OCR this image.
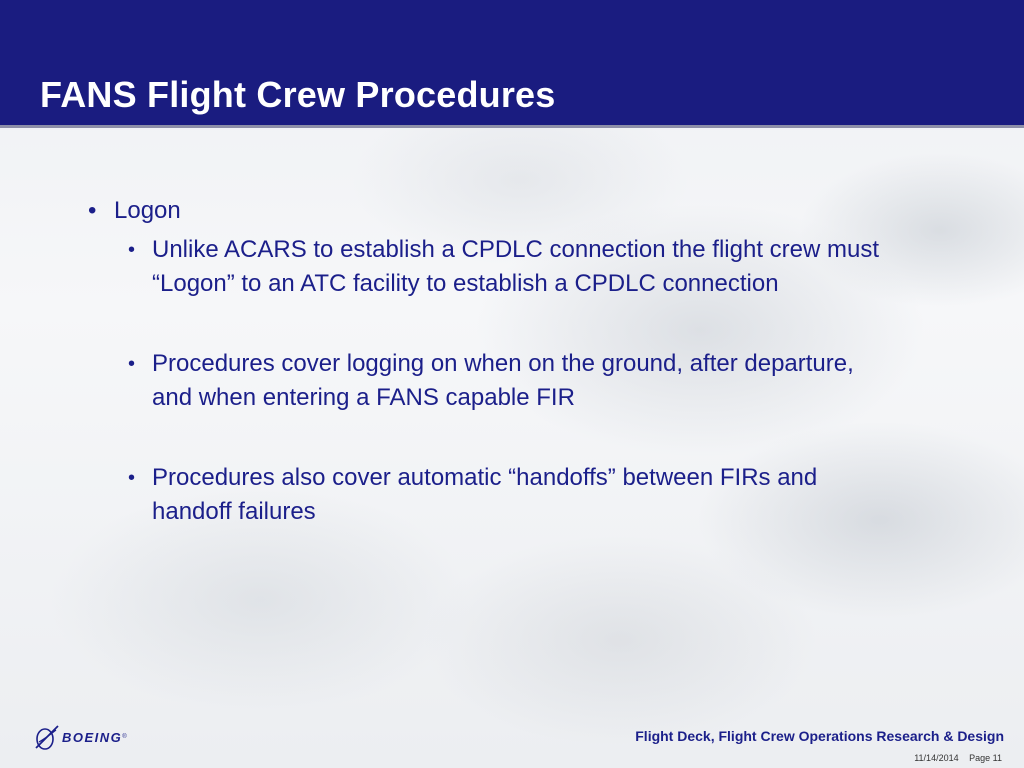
FANS Flight Crew Procedures
• Logon
• Unlike ACARS to establish a CPDLC connection the flight crew must “Logon” to an ATC facility to establish a CPDLC connection
• Procedures cover logging on when on the ground, after departure, and when entering a FANS capable FIR
• Procedures also cover automatic “handoffs” between FIRs and handoff failures
BOEING ®	Flight Deck, Flight Crew Operations Research & Design
11/14/2014 Page 11
